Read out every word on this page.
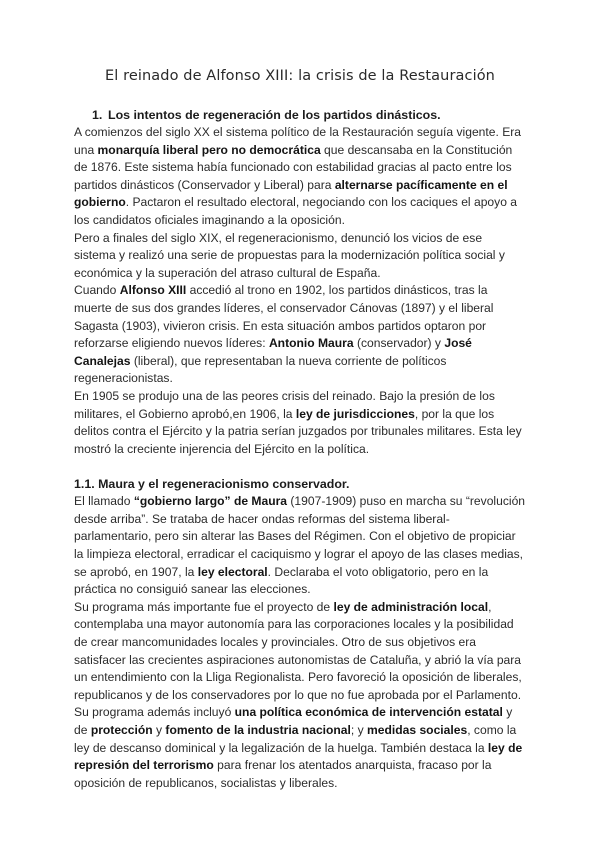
El reinado de Alfonso XIII: la crisis de la Restauración
1. Los intentos de regeneración de los partidos dinásticos.

A comienzos del siglo XX el sistema político de la Restauración seguía vigente. Era una monarquía liberal pero no democrática que descansaba en la Constitución de 1876. Este sistema había funcionado con estabilidad gracias al pacto entre los partidos dinásticos (Conservador y Liberal) para alternarse pacíficamente en el gobierno. Pactaron el resultado electoral, negociando con los caciques el apoyo a los candidatos oficiales imaginando a la oposición.

Pero a finales del siglo XIX, el regeneracionismo, denunció los vicios de ese sistema y realizó una serie de propuestas para la modernización política social y económica y la superación del atraso cultural de España.

Cuando Alfonso XIII accedió al trono en 1902, los partidos dinásticos, tras la muerte de sus dos grandes líderes, el conservador Cánovas (1897) y el liberal Sagasta (1903), vivieron crisis. En esta situación ambos partidos optaron por reforzarse eligiendo nuevos líderes: Antonio Maura (conservador) y José Canalejas (liberal), que representaban la nueva corriente de políticos regeneracionistas.

En 1905 se produjo una de las peores crisis del reinado. Bajo la presión de los militares, el Gobierno aprobó,en 1906, la ley de jurisdicciones, por la que los delitos contra el Ejército y la patria serían juzgados por tribunales militares. Esta ley mostró la creciente injerencia del Ejército en la política.

1.1. Maura y el regeneracionismo conservador.

El llamado “gobierno largo” de Maura (1907-1909) puso en marcha su “revolución desde arriba”. Se trataba de hacer ondas reformas del sistema liberal-parlamentario, pero sin alterar las Bases del Régimen. Con el objetivo de propiciar la limpieza electoral, erradicar el caciquismo y lograr el apoyo de las clases medias, se aprobó, en 1907, la ley electoral. Declaraba el voto obligatorio, pero en la práctica no consiguió sanear las elecciones.

Su programa más importante fue el proyecto de ley de administración local, contemplaba una mayor autonomía para las corporaciones locales y la posibilidad de crear mancomunidades locales y provinciales. Otro de sus objetivos era satisfacer las crecientes aspiraciones autonomistas de Cataluña, y abrió la vía para un entendimiento con la Lliga Regionalista. Pero favoreció la oposición de liberales, republicanos y de los conservadores por lo que no fue aprobada por el Parlamento.

Su programa además incluyó una política económica de intervención estatal y de protección y fomento de la industria nacional; y medidas sociales, como la ley de descanso dominical y la legalización de la huelga. También destaca la ley de represión del terrorismo para frenar los atentados anarquista, fracaso por la oposición de republicanos, socialistas y liberales.
